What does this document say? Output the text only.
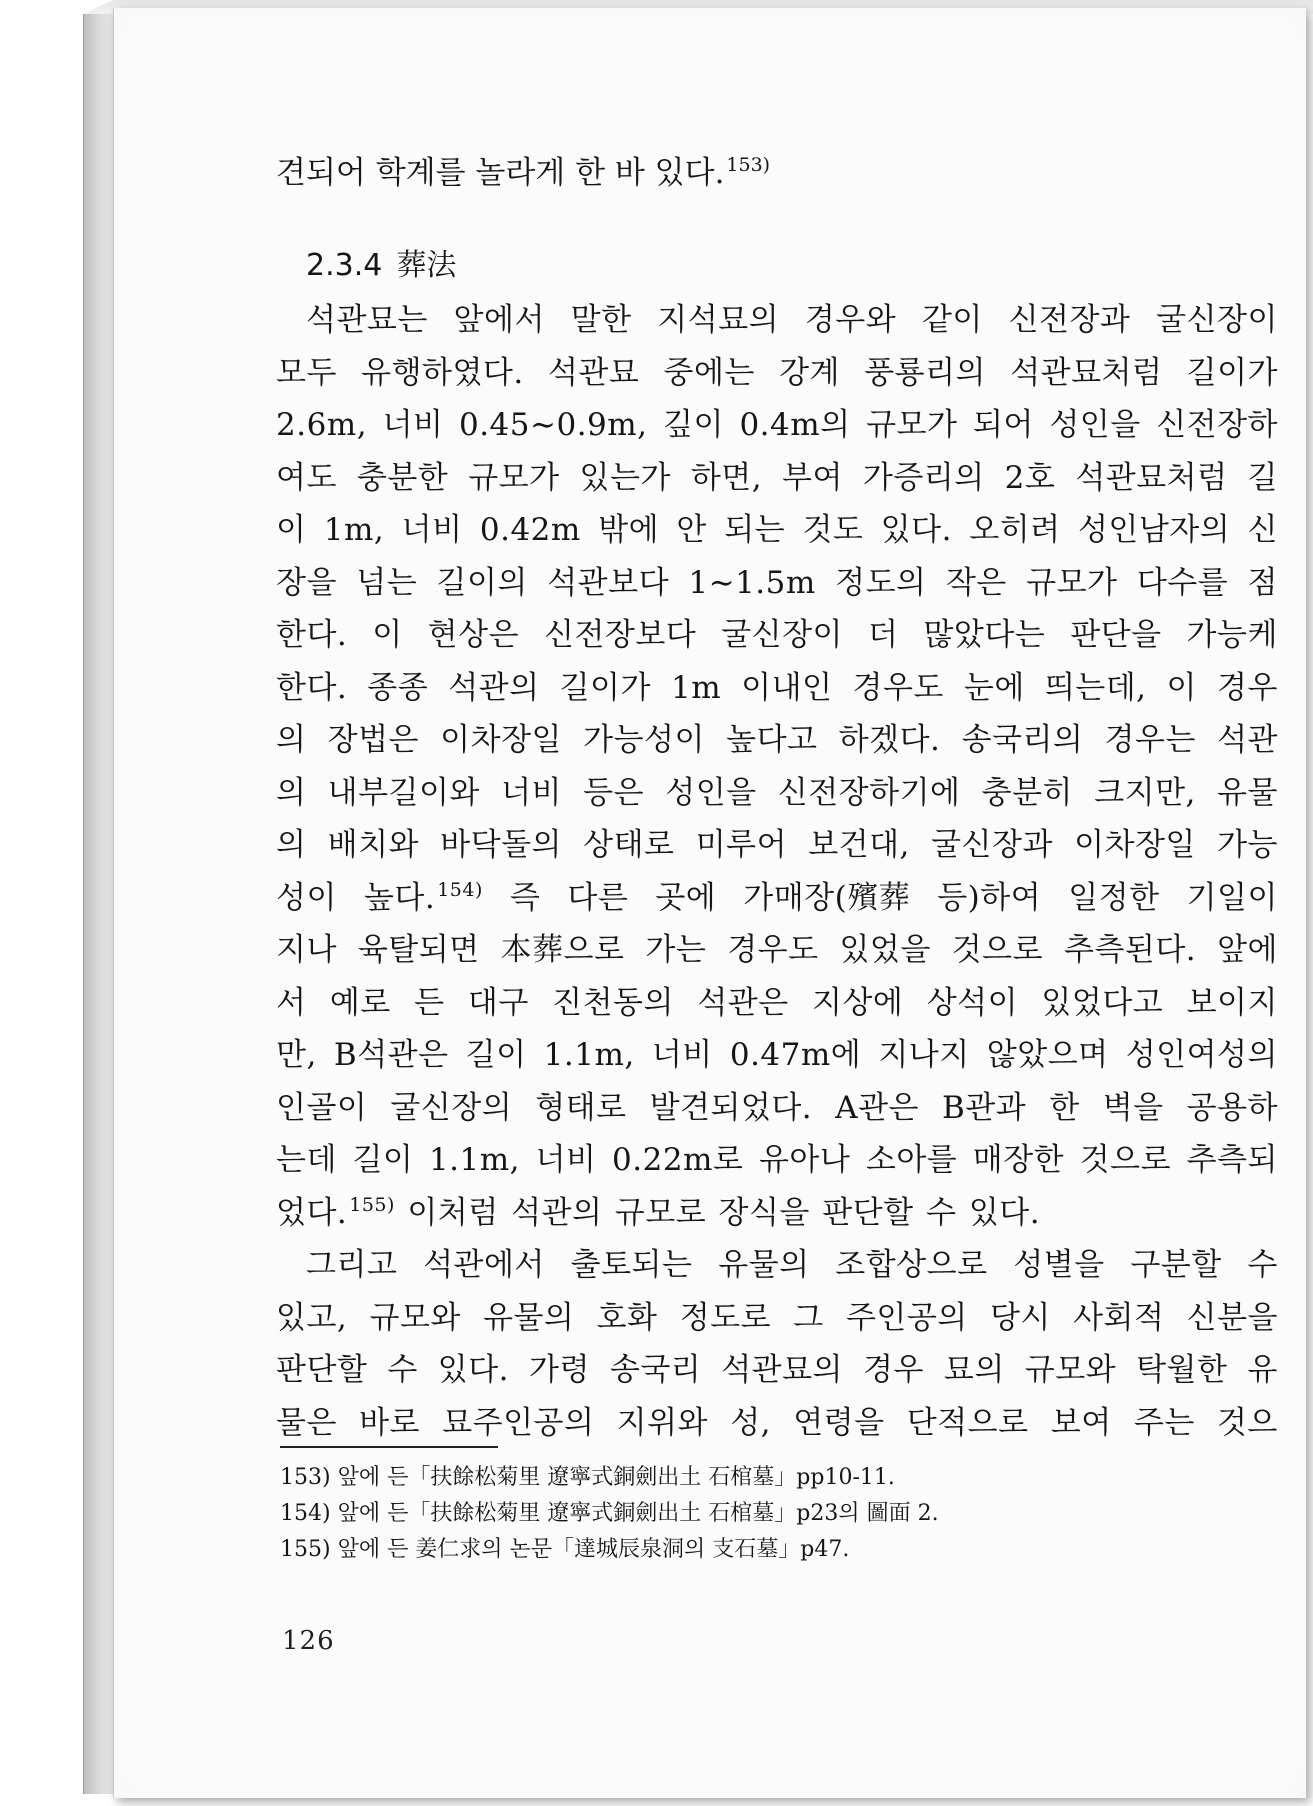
견되어 학계를 놀라게 한 바 있다. $^{153)}$
2.3.4 葬法
석관묘는 앞에서 말한 지석묘의 경우와 같이 신전장과 굴신장이
모두 유행하였다. 석관묘 중에는 강계 풍룡리의 석관묘처럼 길이가
2.6m, 너비 0.45∼0.9m, 깊이 0.4m의 규모가 되어 성인을 신전장하
여도 충분한 규모가 있는가 하면, 부여 가증리의 2호 석관묘처럼 길
이 1m, 너비 0.42m 밖에 안 되는 것도 있다. 오히려 성인남자의 신
장을 넘는 길이의 석관보다 1∼1.5m 정도의 작은 규모가 다수를 점
한다. 이 현상은 신전장보다 굴신장이 더 많았다는 판단을 가능케
한다. 종종 석관의 길이가 1m 이내인 경우도 눈에 띄는데, 이 경우
의 장법은 이차장일 가능성이 높다고 하겠다. 송국리의 경우는 석관
의 내부길이와 너비 등은 성인을 신전장하기에 충분히 크지만, 유물
의 배치와 바닥돌의 상태로 미루어 보건대, 굴신장과 이차장일 가능
성이 높다. $^{154)}$ 즉 다른 곳에 가매장(殯葬 등)하여 일정한 기일이
지나 육탈되면 本葬으로 가는 경우도 있었을 것으로 추측된다. 앞에
서 예로 든 대구 진천동의 석관은 지상에 상석이 있었다고 보이지
만, B석관은 길이 1.1m, 너비 0.47m에 지나지 않았으며 성인여성의
인골이 굴신장의 형태로 발견되었다. A관은 B관과 한 벽을 공용하
는데 길이 1.1m, 너비 0.22m로 유아나 소아를 매장한 것으로 추측되
었다. $^{155)}$ 이처럼 석관의 규모로 장식을 판단할 수 있다.
그리고 석관에서 출토되는 유물의 조합상으로 성별을 구분할 수
있고, 규모와 유물의 호화 정도로 그 주인공의 당시 사회적 신분을
판단할 수 있다. 가령 송국리 석관묘의 경우 묘의 규모와 탁월한 유
물은 바로 묘주인공의 지위와 성, 연령을 단적으로 보여 주는 것으
153) 앞에 든「扶餘松菊里 遼寧式銅劍出土 石棺墓」pp10-11.
154) 앞에 든「扶餘松菊里 遼寧式銅劍出土 石棺墓」p23의 圖面 2.
155) 앞에 든 姜仁求의 논문「達城辰泉洞의 支石墓」p47.
126
